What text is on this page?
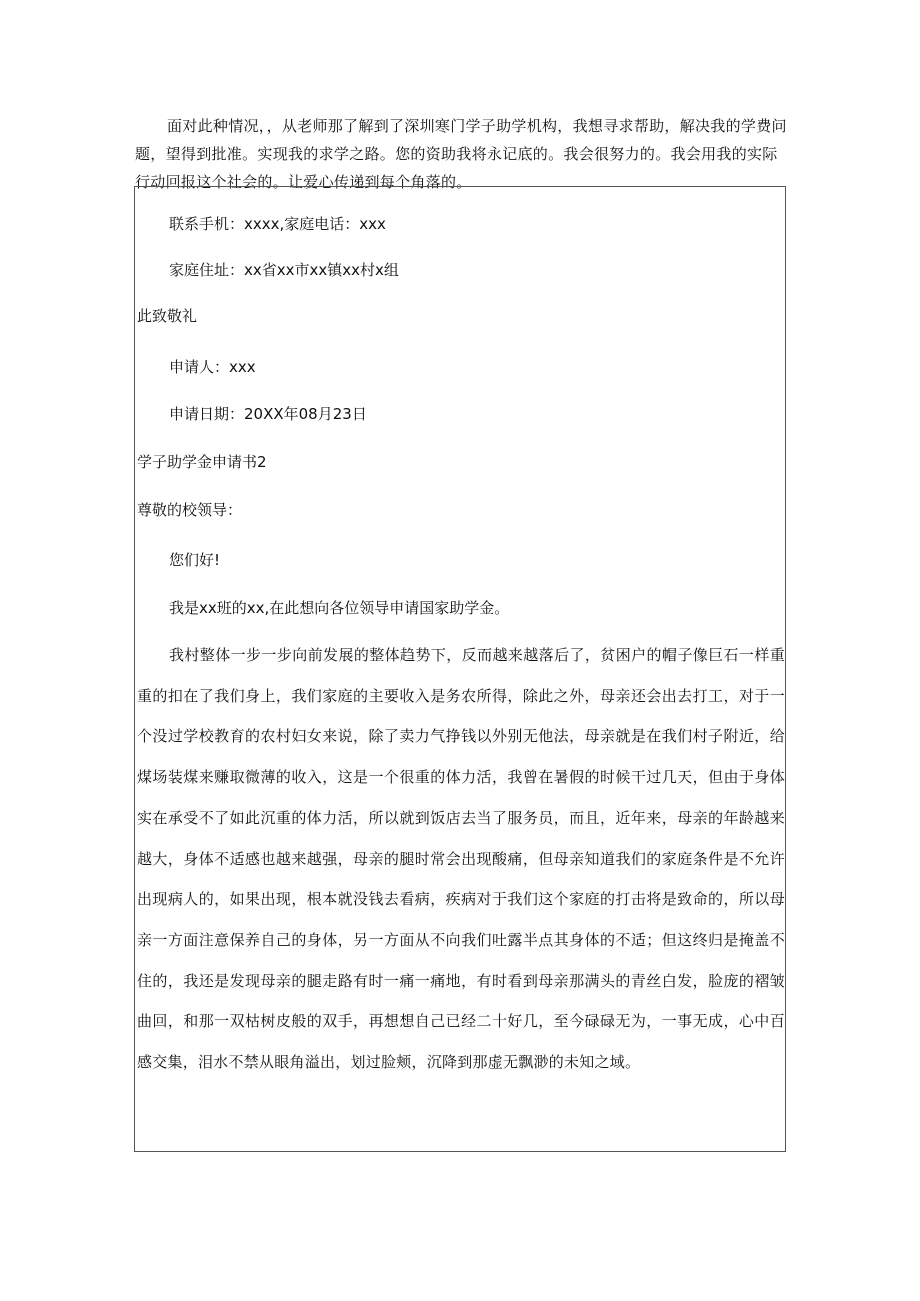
面对此种情况，，从老师那了解到了深圳寒门学子助学机构，我想寻求帮助，解决我的学费问题，望得到批准。实现我的求学之路。您的资助我将永记底的。我会很努力的。我会用我的实际行动回报这个社会的。让爱心传递到每个角落的。

联系手机：xxxx,家庭电话：xxx

家庭住址：xx省xx市xx镇xx村x组

此致敬礼

申请人：xxx

申请日期：20XX年08月23日

学子助学金申请书2

尊敬的校领导：

您们好!

我是xx班的xx,在此想向各位领导申请国家助学金。

我村整体一步一步向前发展的整体趋势下，反而越来越落后了，贫困户的帽子像巨石一样重重的扣在了我们身上，我们家庭的主要收入是务农所得，除此之外，母亲还会出去打工，对于一个没过学校教育的农村妇女来说，除了卖力气挣钱以外别无他法，母亲就是在我们村子附近，给煤场装煤来赚取微薄的收入，这是一个很重的体力活，我曾在暑假的时候干过几天，但由于身体实在承受不了如此沉重的体力活，所以就到饭店去当了服务员，而且，近年来，母亲的年龄越来越大，身体不适感也越来越强，母亲的腿时常会出现酸痛，但母亲知道我们的家庭条件是不允许出现病人的，如果出现，根本就没钱去看病，疾病对于我们这个家庭的打击将是致命的，所以母亲一方面注意保养自己的身体，另一方面从不向我们吐露半点其身体的不适；但这终归是掩盖不住的，我还是发现母亲的腿走路有时一痛一痛地，有时看到母亲那满头的青丝白发，脸庞的褶皱曲回，和那一双枯树皮般的双手，再想想自己已经二十好几，至今碌碌无为，一事无成，心中百感交集，泪水不禁从眼角溢出，划过脸颊，沉降到那虚无飘渺的未知之域。
